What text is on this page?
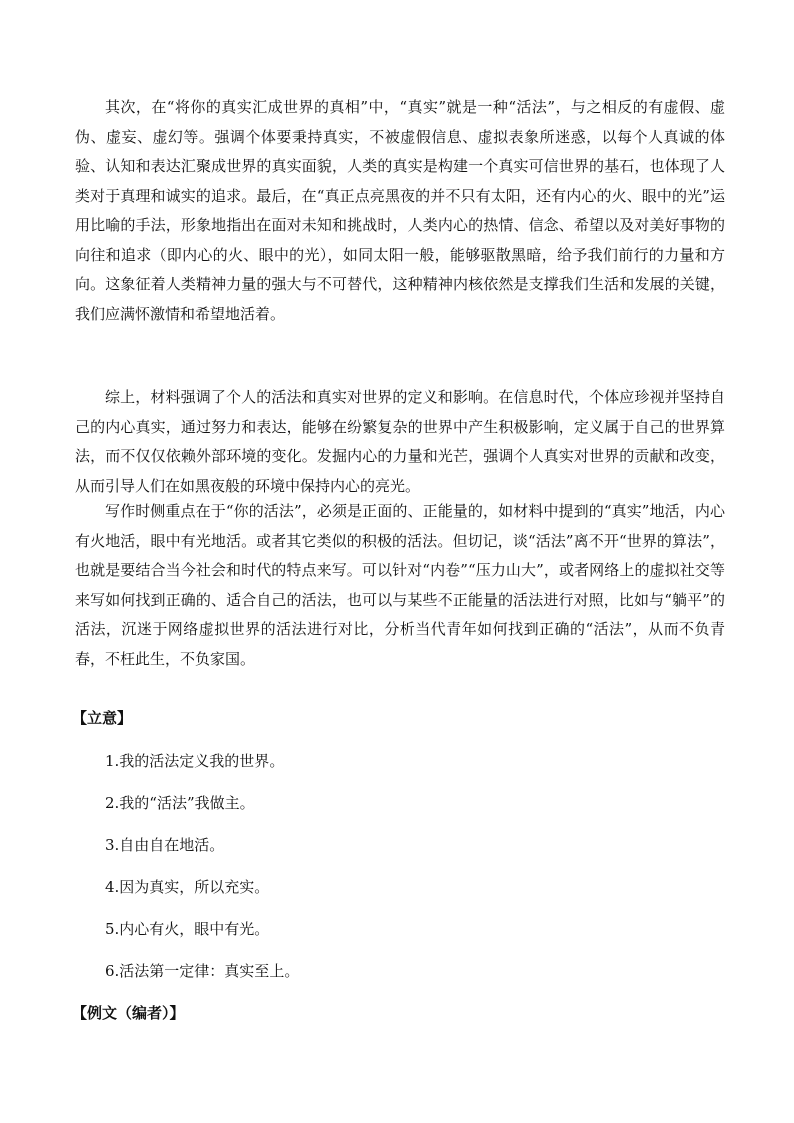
其次，在“将你的真实汇成世界的真相”中，“真实”就是一种“活法”，与之相反的有虚假、虚伪、虚妄、虚幻等。强调个体要秉持真实，不被虚假信息、虚拟表象所迷惑，以每个人真诚的体验、认知和表达汇聚成世界的真实面貌，人类的真实是构建一个真实可信世界的基石，也体现了人类对于真理和诚实的追求。最后，在“真正点亮黑夜的并不只有太阳，还有内心的火、眼中的光”运用比喻的手法，形象地指出在面对未知和挑战时，人类内心的热情、信念、希望以及对美好事物的向往和追求（即内心的火、眼中的光），如同太阳一般，能够驱散黑暗，给予我们前行的力量和方向。这象征着人类精神力量的强大与不可替代，这种精神内核依然是支撑我们生活和发展的关键，我们应满怀激情和希望地活着。

综上，材料强调了个人的活法和真实对世界的定义和影响。在信息时代，个体应珍视并坚持自己的内心真实，通过努力和表达，能够在纷繁复杂的世界中产生积极影响，定义属于自己的世界算法，而不仅仅依赖外部环境的变化。发掘内心的力量和光芒，强调个人真实对世界的贡献和改变，从而引导人们在如黑夜般的环境中保持内心的亮光。

写作时侧重点在于“你的活法”，必须是正面的、正能量的，如材料中提到的“真实”地活，内心有火地活，眼中有光地活。或者其它类似的积极的活法。但切记，谈“活法”离不开“世界的算法”，也就是要结合当今社会和时代的特点来写。可以针对“内卷”“压力山大”，或者网络上的虚拟社交等来写如何找到正确的、适合自己的活法，也可以与某些不正能量的活法进行对照，比如与“躺平”的活法，沉迷于网络虚拟世界的活法进行对比，分析当代青年如何找到正确的“活法”，从而不负青春，不枉此生，不负家国。

【立意】

1.我的活法定义我的世界。

2.我的“活法”我做主。

3.自由自在地活。

4.因为真实，所以充实。

5.内心有火，眼中有光。

6.活法第一定律：真实至上。

【例文（编者）】
